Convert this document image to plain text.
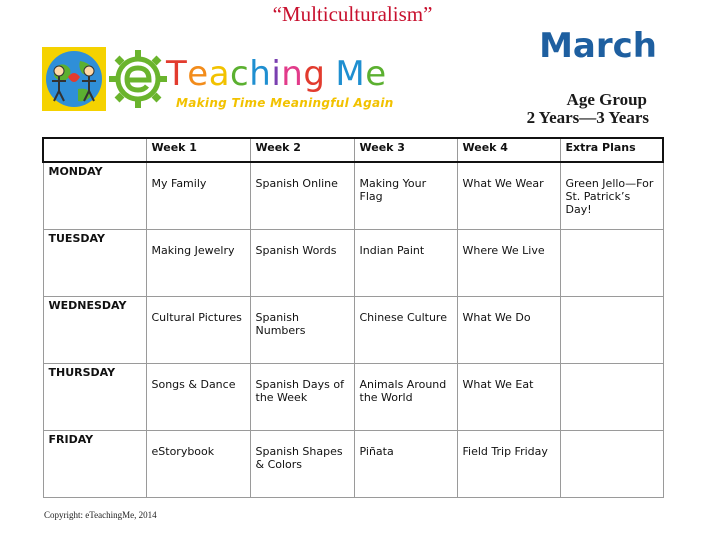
“Multiculturalism”
Teaching Me
Making Time Meaningful Again
March
Age Group
2 Years—3 Years
	Week 1	Week 2	Week 3	Week 4	Extra Plans
MONDAY	My Family	Spanish Online	Making Your Flag	What We Wear	Green Jello—For St. Patrick’s Day!
TUESDAY	Making Jewelry	Spanish Words	Indian Paint	Where We Live	
WEDNESDAY	Cultural Pictures	Spanish Numbers	Chinese Culture	What We Do	
THURSDAY	Songs & Dance	Spanish Days of the Week	Animals Around the World	What We Eat	
FRIDAY	eStorybook	Spanish Shapes & Colors	Piñata	Field Trip Friday	
Copyright: eTeachingMe, 2014
